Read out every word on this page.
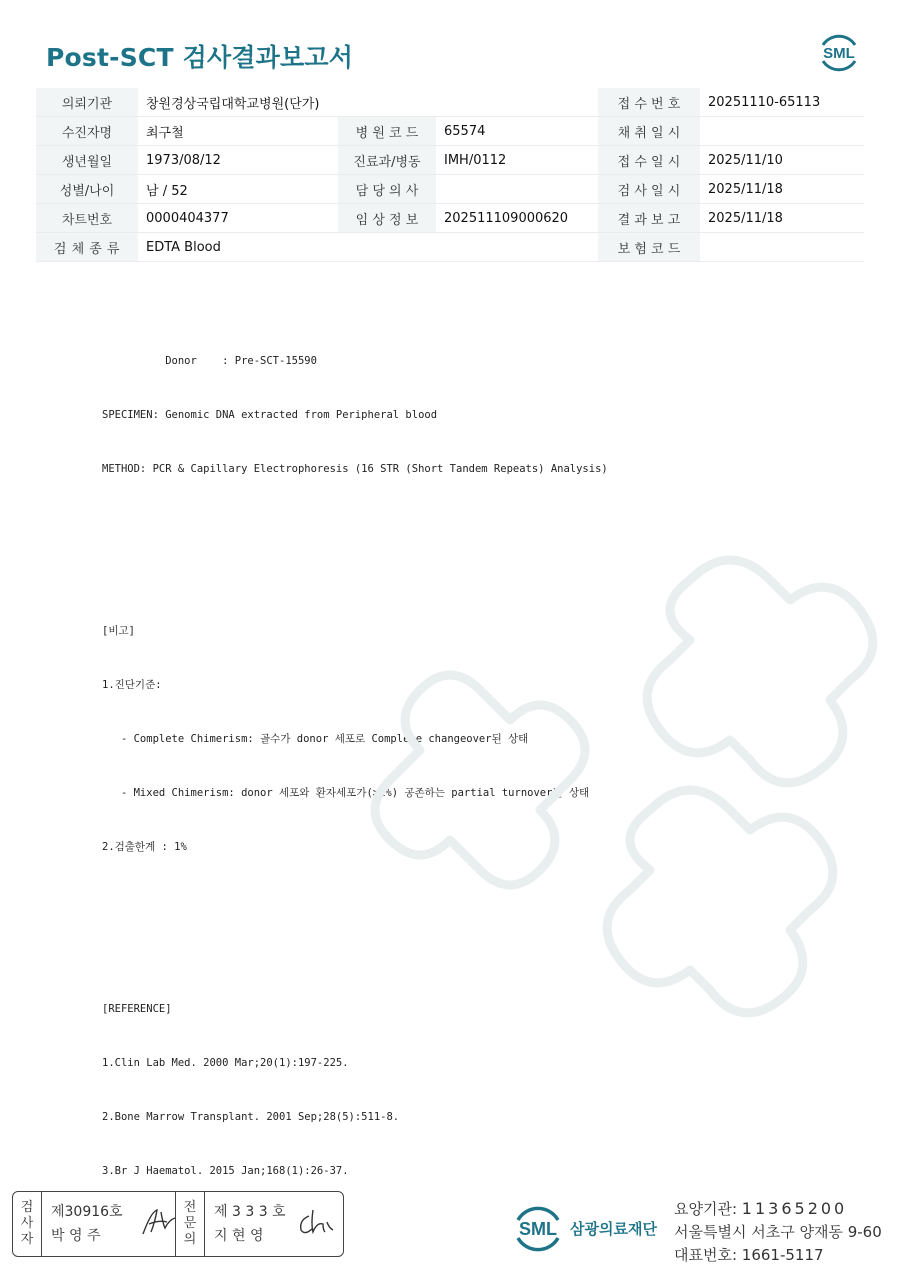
Post-SCT 검사결과보고서	SML
의뢰기관	창원경상국립대학교병원(단가)			접 수 번 호	20251110-65113
수진자명	최구철	병 원 코 드	65574	채 취 일 시	
생년월일	1973/08/12	진료과/병동	IMH/0112	접 수 일 시	2025/11/10
성별/나이	남 / 52	담 당 의 사		검 사 일 시	2025/11/18
차트번호	0000404377	임 상 정 보	202511109000620	결 과 보 고	2025/11/18
검 체 종 류	EDTA Blood			보 험 코 드	

Donor    : Pre-SCT-15590

SPECIMEN: Genomic DNA extracted from Peripheral blood

METHOD: PCR & Capillary Electrophoresis (16 STR (Short Tandem Repeats) Analysis)

[비고]

1.진단기준:

- Complete Chimerism: 골수가 donor 세포로 Complete changeover된 상태

- Mixed Chimerism: donor 세포와 환자세포가(>1%) 공존하는 partial turnover된 상태

2.검출한계 : 1%

[REFERENCE]

1.Clin Lab Med. 2000 Mar;20(1):197-225.

2.Bone Marrow Transplant. 2001 Sep;28(5):511-8.

3.Br J Haematol. 2015 Jan;168(1):26-37.

검
사
자
제30916호
박 영 주
전
문
의
제 3 3 3 호
지 현 영	SML 삼광의료재단
요양기관: 11365200
서울특별시 서초구 양재동 9-60
대표번호: 1661-5117
